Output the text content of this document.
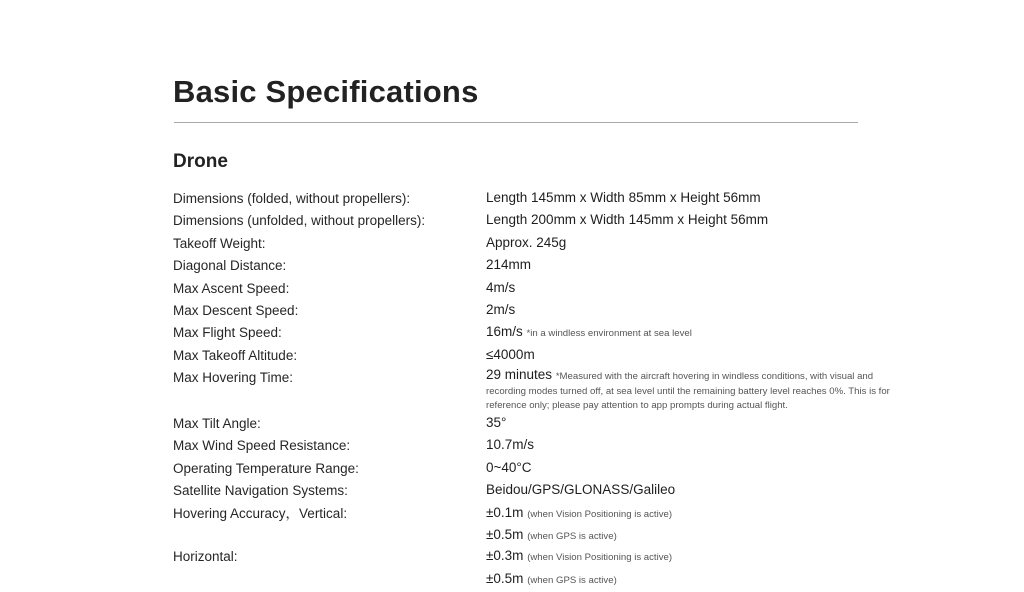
Basic Specifications
Drone
Dimensions (folded, without propellers):	Length 145mm x Width 85mm x Height 56mm
Dimensions (unfolded, without propellers):	Length 200mm x Width 145mm x Height 56mm
Takeoff Weight:	Approx. 245g
Diagonal Distance:	214mm
Max Ascent Speed:	4m/s
Max Descent Speed:	2m/s
Max Flight Speed:	16m/s *in a windless environment at sea level
Max Takeoff Altitude:	≤4000m
Max Hovering Time:	29 minutes *Measured with the aircraft hovering in windless conditions, with visual and recording modes turned off, at sea level until the remaining battery level reaches 0%. This is for reference only; please pay attention to app prompts during actual flight.
Max Tilt Angle:	35°
Max Wind Speed Resistance:	10.7m/s
Operating Temperature Range:	0~40°C
Satellite Navigation Systems:	Beidou/GPS/GLONASS/Galileo
Hovering Accuracy，Vertical:	±0.1m (when Vision Positioning is active)
±0.5m (when GPS is active)
Horizontal:	±0.3m (when Vision Positioning is active)
±0.5m (when GPS is active)
